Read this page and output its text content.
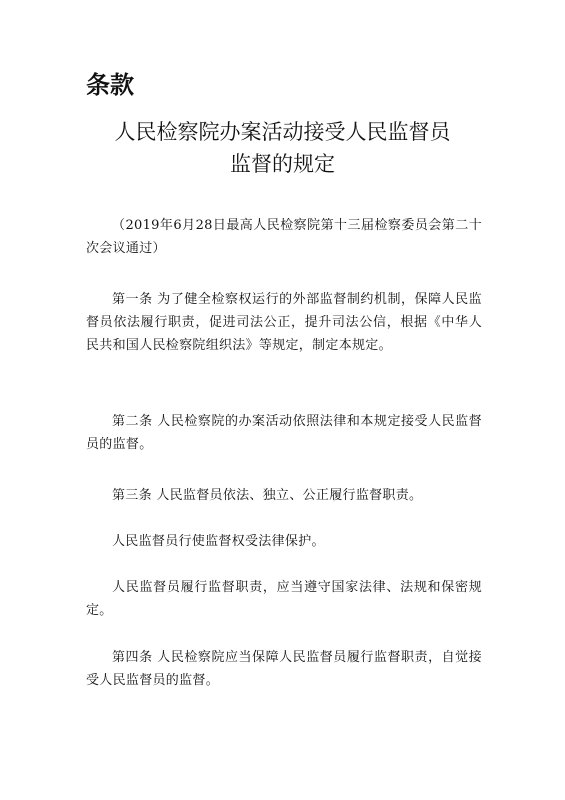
条款
人民检察院办案活动接受人民监督员
监督的规定

（2019年6月28日最高人民检察院第十三届检察委员会第二十次会议通过）

第一条 为了健全检察权运行的外部监督制约机制，保障人民监督员依法履行职责，促进司法公正，提升司法公信，根据《中华人民共和国人民检察院组织法》等规定，制定本规定。

第二条 人民检察院的办案活动依照法律和本规定接受人民监督员的监督。

第三条 人民监督员依法、独立、公正履行监督职责。

人民监督员行使监督权受法律保护。

人民监督员履行监督职责，应当遵守国家法律、法规和保密规定。

第四条 人民检察院应当保障人民监督员履行监督职责，自觉接受人民监督员的监督。
